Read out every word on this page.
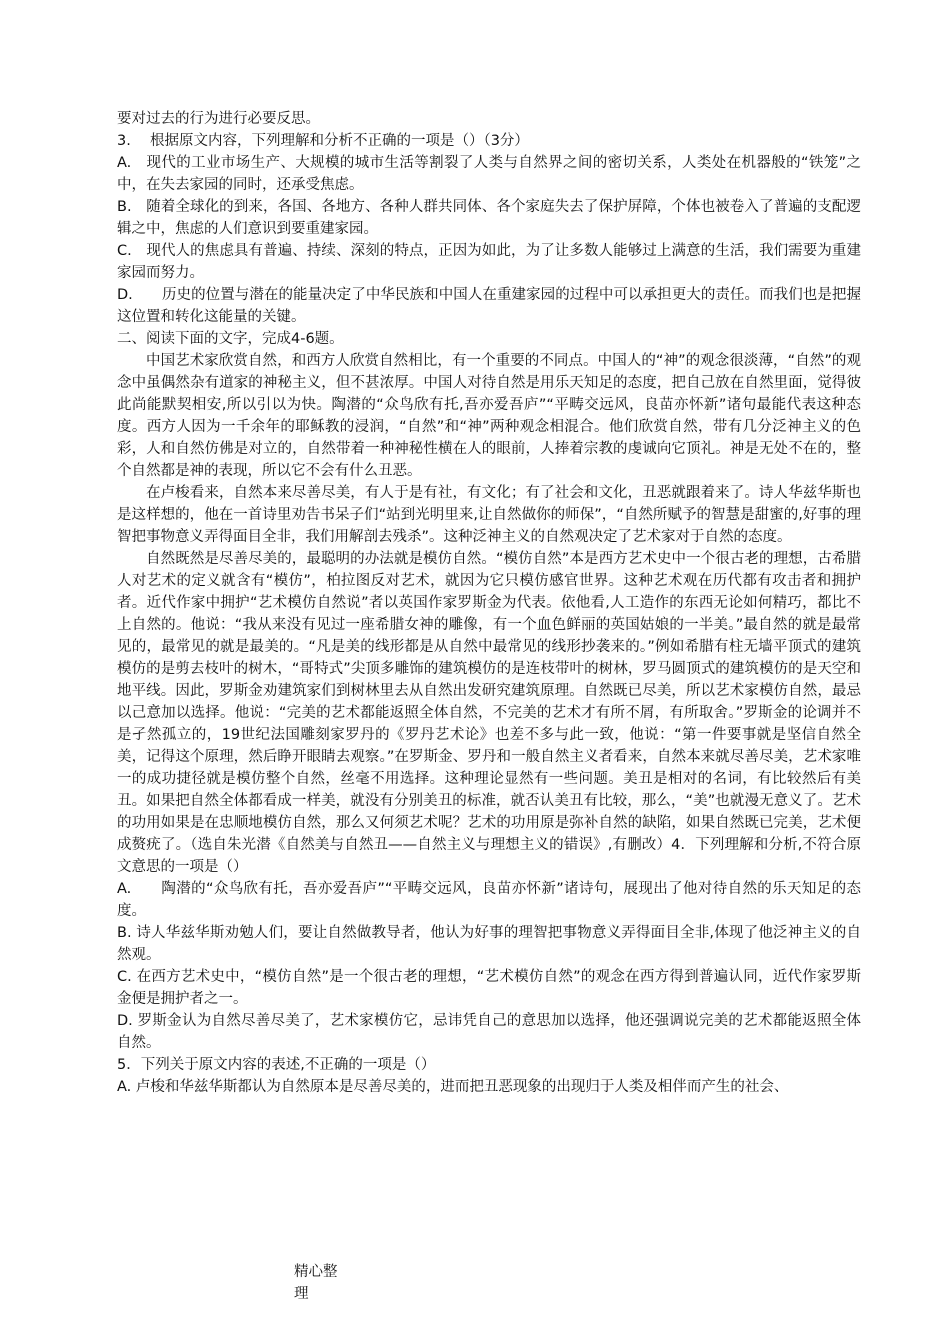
要对过去的行为进行必要反思。

3.　 根据原文内容，下列理解和分析不正确的一项是（）（3分）

A.　现代的工业市场生产、大规模的城市生活等割裂了人类与自然界之间的密切关系，人类处在机器般的“铁笼”之中，在失去家园的同时，还承受焦虑。

B.　随着全球化的到来，各国、各地方、各种人群共同体、各个家庭失去了保护屏障，个体也被卷入了普遍的支配逻辑之中，焦虑的人们意识到要重建家园。

C.　现代人的焦虑具有普遍、持续、深刻的特点，正因为如此，为了让多数人能够过上满意的生活，我们需要为重建家园而努力。

D.　　历史的位置与潜在的能量决定了中华民族和中国人在重建家园的过程中可以承担更大的责任。而我们也是把握这位置和转化这能量的关键。

二、阅读下面的文字，完成4-6题。

中国艺术家欣赏自然，和西方人欣赏自然相比，有一个重要的不同点。中国人的“神”的观念很淡薄，“自然”的观念中虽偶然杂有道家的神秘主义，但不甚浓厚。中国人对待自然是用乐天知足的态度，把自己放在自然里面，觉得彼此尚能默契相安,所以引以为快。陶潜的“众鸟欣有托,吾亦爱吾庐”“平畴交远风，良苗亦怀新”诸句最能代表这种态度。西方人因为一千余年的耶稣教的浸润，“自然”和“神”两种观念相混合。他们欣赏自然，带有几分泛神主义的色彩，人和自然仿佛是对立的，自然带着一种神秘性横在人的眼前，人捧着宗教的虔诚向它顶礼。神是无处不在的，整个自然都是神的表现，所以它不会有什么丑恶。

在卢梭看来，自然本来尽善尽美，有人于是有社，有文化；有了社会和文化，丑恶就跟着来了。诗人华兹华斯也是这样想的，他在一首诗里劝告书呆子们“站到光明里来,让自然做你的师保”，“自然所赋予的智慧是甜蜜的,好事的理智把事物意义弄得面目全非，我们用解剖去残杀”。这种泛神主义的自然观决定了艺术家对于自然的态度。

自然既然是尽善尽美的，最聪明的办法就是模仿自然。“模仿自然”本是西方艺术史中一个很古老的理想，古希腊人对艺术的定义就含有“模仿”，柏拉图反对艺术，就因为它只模仿感官世界。这种艺术观在历代都有攻击者和拥护者。近代作家中拥护“艺术模仿自然说”者以英国作家罗斯金为代表。依他看,人工造作的东西无论如何精巧，都比不上自然的。他说：“我从来没有见过一座希腊女神的雕像，有一个血色鲜丽的英国姑娘的一半美。”最自然的就是最常见的，最常见的就是最美的。“凡是美的线形都是从自然中最常见的线形抄袭来的。”例如希腊有柱无墙平顶式的建筑模仿的是剪去枝叶的树木，“哥特式”尖顶多雕饰的建筑模仿的是连枝带叶的树林，罗马圆顶式的建筑模仿的是天空和地平线。因此，罗斯金劝建筑家们到树林里去从自然出发研究建筑原理。自然既已尽美，所以艺术家模仿自然，最忌以己意加以选择。他说：“完美的艺术都能返照全体自然，不完美的艺术才有所不屑，有所取舍。”罗斯金的论调并不是孑然孤立的，19世纪法国雕刻家罗丹的《罗丹艺术论》也差不多与此一致，他说：“第一件要事就是坚信自然全美，记得这个原理，然后睁开眼睛去观察。”在罗斯金、罗丹和一般自然主义者看来，自然本来就尽善尽美，艺术家唯一的成功捷径就是模仿整个自然，丝毫不用选择。这种理论显然有一些问题。美丑是相对的名词，有比较然后有美丑。如果把自然全体都看成一样美，就没有分别美丑的标准，就否认美丑有比较，那么，“美”也就漫无意义了。艺术的功用如果是在忠顺地模仿自然，那么又何须艺术呢？艺术的功用原是弥补自然的缺陷，如果自然既已完美，艺术便成赘疣了。（选自朱光潜《自然美与自然丑——自然主义与理想主义的错误》,有删改）4．下列理解和分析,不符合原文意思的一项是（）

A.　　陶潜的“众鸟欣有托，吾亦爱吾庐”“平畴交远风，良苗亦怀新”诸诗句，展现出了他对待自然的乐天知足的态度。

B. 诗人华兹华斯劝勉人们，要让自然做教导者，他认为好事的理智把事物意义弄得面目全非,体现了他泛神主义的自然观。

C. 在西方艺术史中，“模仿自然”是一个很古老的理想，“艺术模仿自然”的观念在西方得到普遍认同，近代作家罗斯金便是拥护者之一。

D. 罗斯金认为自然尽善尽美了，艺术家模仿它，忌讳凭自己的意思加以选择，他还强调说完美的艺术都能返照全体自然。

5．下列关于原文内容的表述,不正确的一项是（）

A. 卢梭和华兹华斯都认为自然原本是尽善尽美的，进而把丑恶现象的出现归于人类及相伴而产生的社会、

精心整
理
